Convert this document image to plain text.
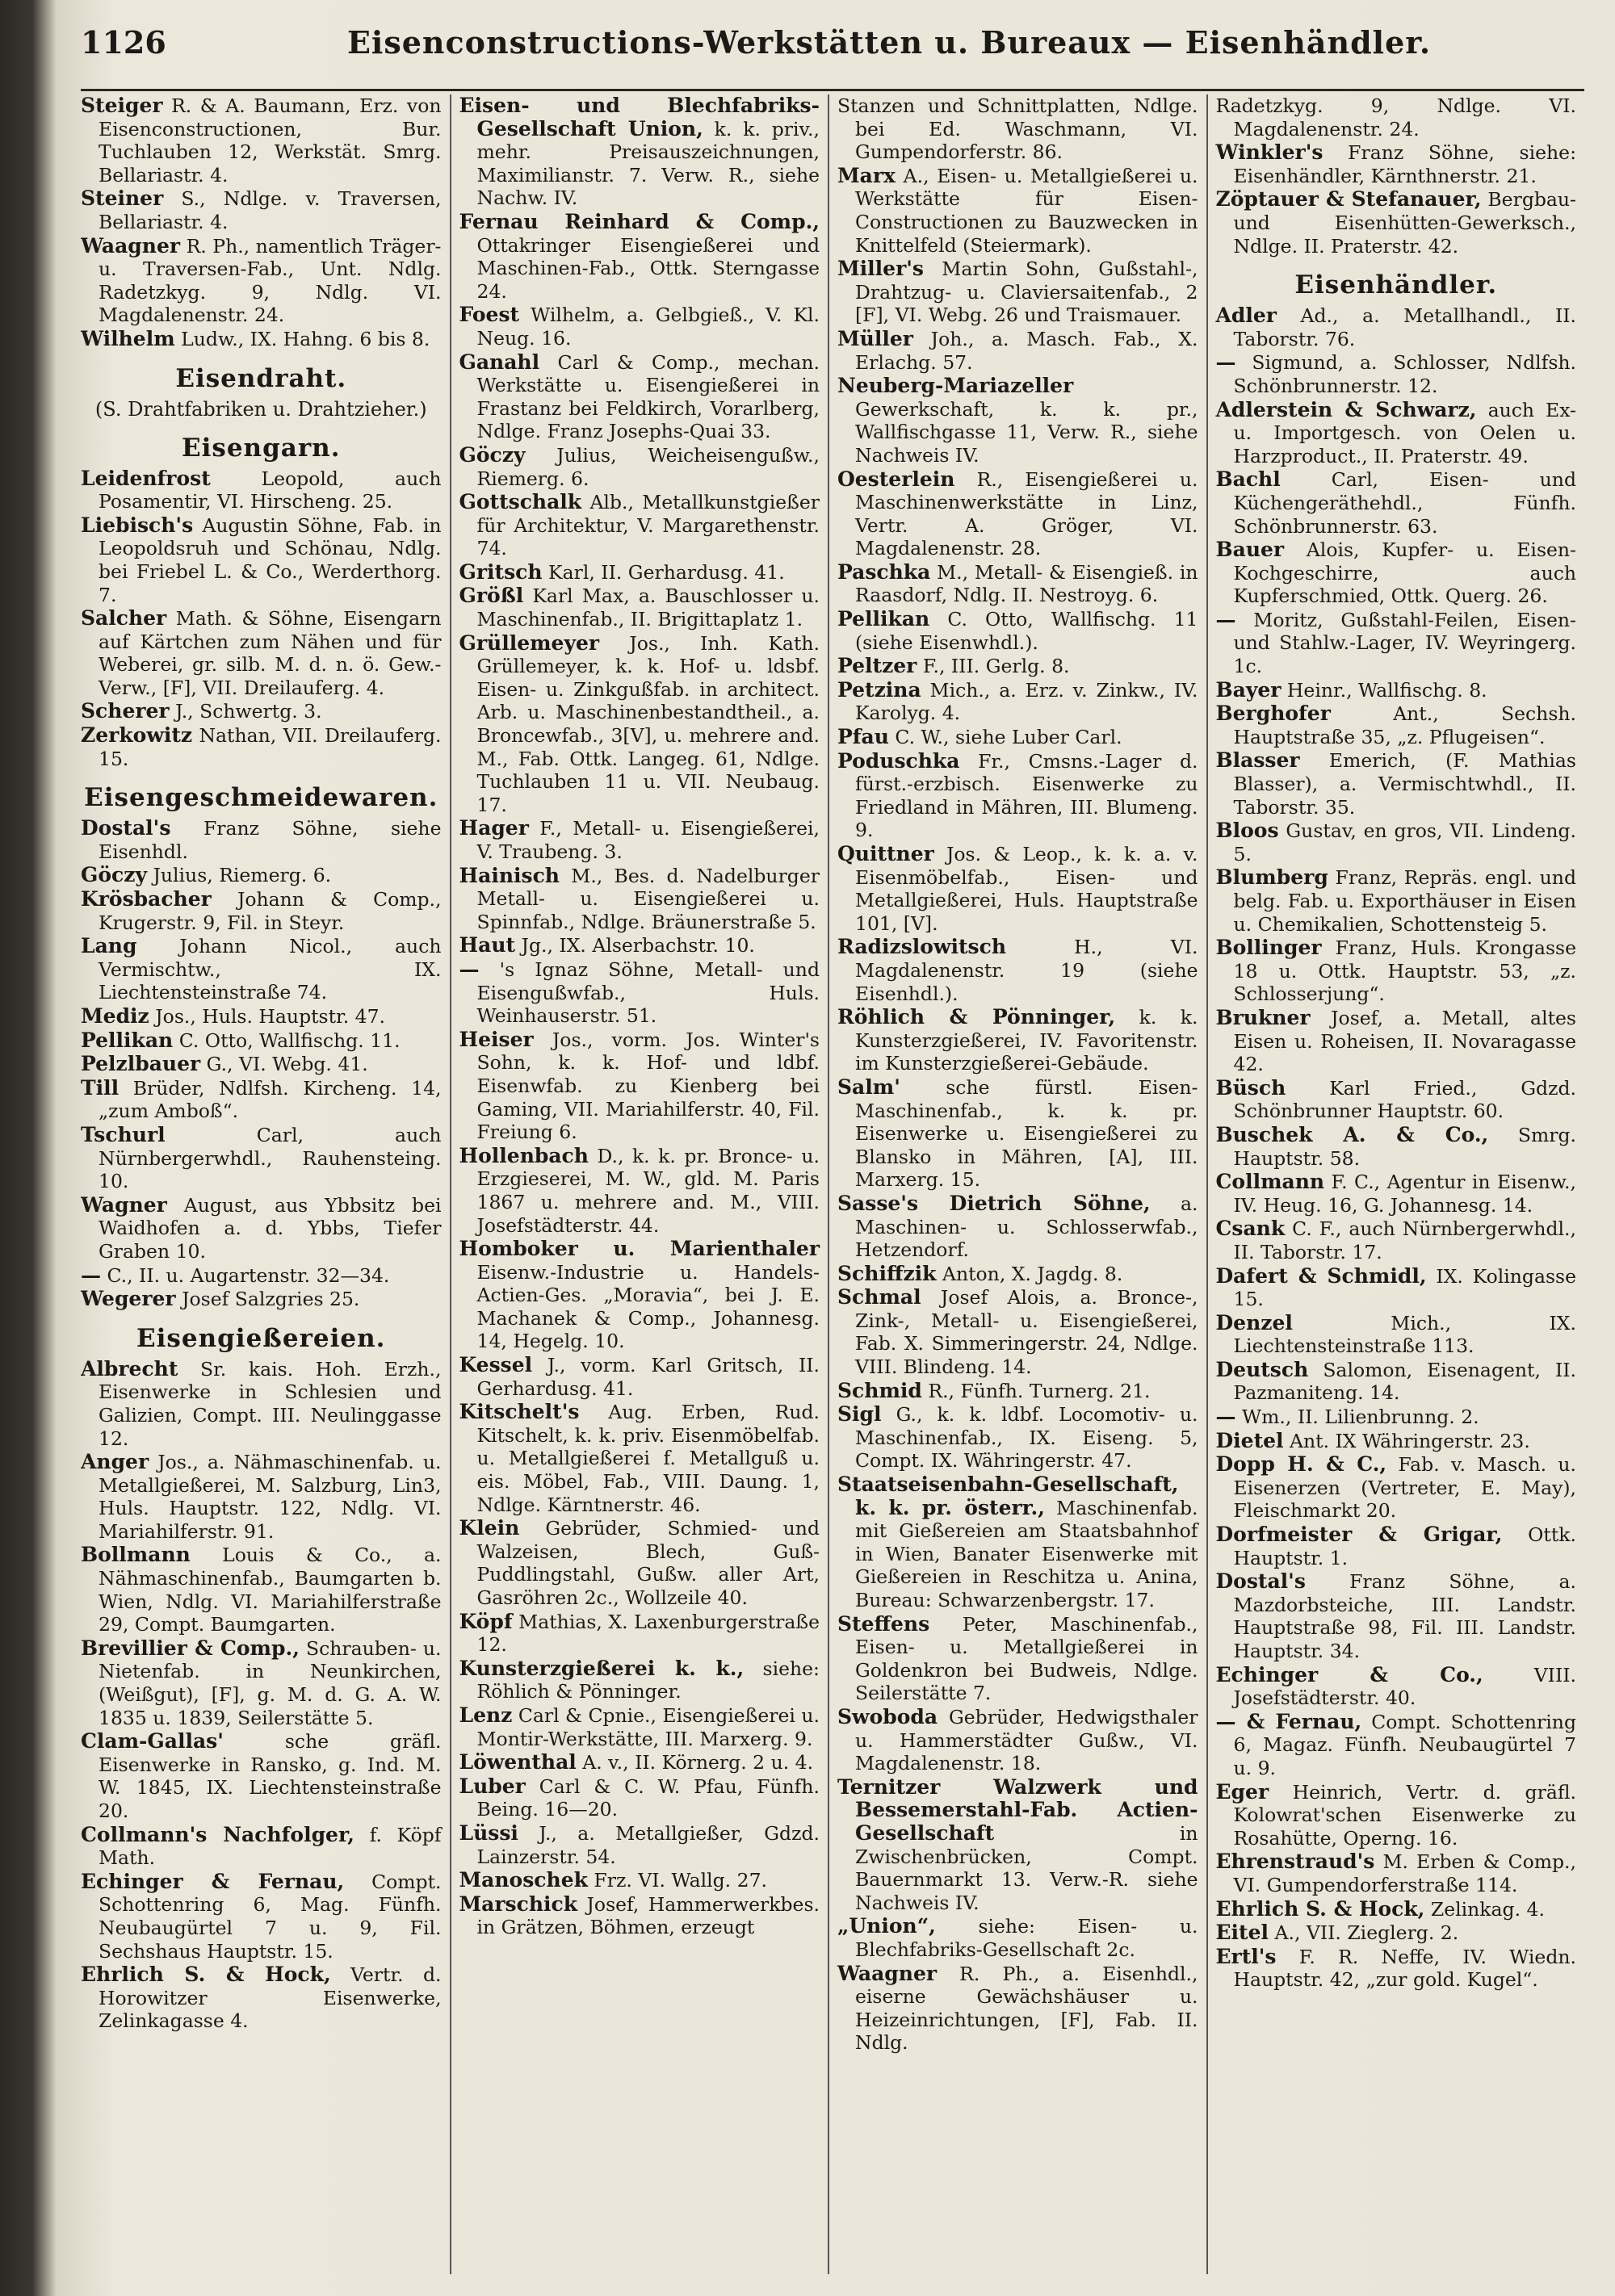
1126	Eisenconstructions-Werkstätten u. Bureaux — Eisenhändler.
Steiger R. & A. Baumann, Erz. von Eisenconstructionen, Bur. Tuchlauben 12, Werkstät. Smrg. Bellariastr. 4.
Steiner S., Ndlge. v. Traversen, Bellariastr. 4.
Waagner R. Ph., namentlich Träger- u. Traversen-Fab., Unt. Ndlg. Radetzkyg. 9, Ndlg. VI. Magdalenenstr. 24.
Wilhelm Ludw., IX. Hahng. 6 bis 8.
Eisendraht.
(S. Drahtfabriken u. Drahtzieher.)
Eisengarn.
Leidenfrost	Leopold, auch Posamentir, VI. Hirscheng. 25.
Liebisch's Augustin Söhne, Fab. in Leopoldsruh und Schönau, Ndlg. bei Friebel L. & Co., Werderthorg. 7.
Salcher Math. & Söhne, Eisengarn auf Kärtchen zum Nähen und für Weberei, gr. silb. M. d. n. ö. Gew.-Verw., [F], VII. Dreilauferg. 4.
Scherer J., Schwertg. 3.
Zerkowitz Nathan, VII. Dreilauferg. 15.
Eisengeschmeidewaren.
Dostal's Franz Söhne, siehe Eisenhdl.
Göczy Julius, Riemerg. 6.
Krösbacher Johann & Comp., Krugerstr. 9, Fil. in Steyr.
Lang Johann Nicol., auch Vermischtw., IX. Liechtensteinstraße 74.
Mediz Jos., Huls. Hauptstr. 47.
Pellikan C. Otto, Wallfischg. 11.
Pelzlbauer G., VI. Webg. 41.
Till Brüder, Ndlfsh. Kircheng. 14, „zum Amboß“.
Tschurl	Carl, auch Nürnbergerwhdl., Rauhensteing. 10.
Wagner August, aus Ybbsitz bei Waidhofen a. d. Ybbs, Tiefer Graben 10.
— C., II. u. Augartenstr. 32—34.
Wegerer Josef Salzgries 25.
Eisengießereien.
Albrecht Sr. kais. Hoh. Erzh., Eisenwerke in Schlesien und Galizien, Compt. III. Neulinggasse 12.
Anger Jos., a. Nähmaschinenfab. u. Metallgießerei, M. Salzburg, Lin3, Huls. Hauptstr. 122, Ndlg. VI. Mariahilferstr. 91.
Bollmann Louis & Co., a. Nähmaschinenfab., Baumgarten b. Wien, Ndlg. VI. Mariahilferstraße 29, Compt. Baumgarten.
Brevillier & Comp., Schrauben- u. Nietenfab. in Neunkirchen, (Weißgut), [F], g. M. d. G. A. W. 1835 u. 1839, Seilerstätte 5.
Clam-Gallas'	sche gräfl. Eisenwerke in Ransko, g. Ind. M. W. 1845, IX. Liechtensteinstraße 20.
Collmann's Nachfolger, f. Köpf Math.
Echinger & Fernau, Compt. Schottenring 6, Mag. Fünfh. Neubaugürtel 7 u. 9, Fil. Sechshaus Hauptstr. 15.
Ehrlich S. & Hock, Vertr. d. Horowitzer Eisenwerke, Zelinkagasse 4.
Eisen- und Blechfabriks-Gesellschaft Union, k. k. priv., mehr. Preisauszeichnungen, Maximilianstr. 7. Verw. R., siehe Nachw. IV.
Fernau Reinhard & Comp., Ottakringer Eisengießerei und Maschinen-Fab., Ottk. Sterngasse 24.
Foest Wilhelm, a. Gelbgieß., V. Kl. Neug. 16.
Ganahl Carl & Comp., mechan. Werkstätte u. Eisengießerei in Frastanz bei Feldkirch, Vorarlberg, Ndlge. Franz Josephs-Quai 33.
Göczy Julius, Weicheisengußw., Riemerg. 6.
Gottschalk Alb., Metallkunstgießer für Architektur, V. Margarethenstr. 74.
Gritsch Karl, II. Gerhardusg. 41.
Größl Karl Max, a. Bauschlosser u. Maschinenfab., II. Brigittaplatz 1.
Grüllemeyer Jos., Inh. Kath. Grüllemeyer, k. k. Hof- u. ldsbf. Eisen- u. Zinkgußfab. in architect. Arb. u. Maschinenbestandtheil., a. Broncewfab., 3[V], u. mehrere and. M., Fab. Ottk. Langeg. 61, Ndlge. Tuchlauben 11 u. VII. Neubaug. 17.
Hager F., Metall- u. Eisengießerei, V. Traubeng. 3.
Hainisch M., Bes. d. Nadelburger Metall- u. Eisengießerei u. Spinnfab., Ndlge. Bräunerstraße 5.
Haut Jg., IX. Alserbachstr. 10.
— 's Ignaz Söhne, Metall- und Eisengußwfab., Huls. Weinhauserstr. 51.
Heiser Jos., vorm. Jos. Winter's Sohn, k. k. Hof- und ldbf. Eisenwfab. zu Kienberg bei Gaming, VII. Mariahilferstr. 40, Fil. Freiung 6.
Hollenbach D., k. k. pr. Bronce- u. Erzgieserei, M. W., gld. M. Paris 1867 u. mehrere and. M., VIII. Josefstädterstr. 44.
Homboker u. Marienthaler Eisenw.-Industrie u. Handels-Actien-Ges. „Moravia“, bei J. E. Machanek & Comp., Johannesg. 14, Hegelg. 10.
Kessel J., vorm. Karl Gritsch, II. Gerhardusg. 41.
Kitschelt's Aug. Erben, Rud. Kitschelt, k. k. priv. Eisenmöbelfab. u. Metallgießerei f. Metallguß u. eis. Möbel, Fab., VIII. Daung. 1, Ndlge. Kärntnerstr. 46.
Klein Gebrüder, Schmied- und Walzeisen, Blech, Guß-Puddlingstahl, Gußw. aller Art, Gasröhren 2c., Wollzeile 40.
Köpf Mathias, X. Laxenburgerstraße 12.
Kunsterzgießerei k. k., siehe: Röhlich & Pönninger.
Lenz Carl & Cpnie., Eisengießerei u. Montir-Werkstätte, III. Marxerg. 9.
Löwenthal A. v., II. Körnerg. 2 u. 4.
Luber Carl & C. W. Pfau, Fünfh. Being. 16—20.
Lüssi J., a. Metallgießer, Gdzd. Lainzerstr. 54.
Manoschek Frz. VI. Wallg. 27.
Marschick Josef, Hammerwerkbes. in Grätzen, Böhmen, erzeugt
Stanzen und Schnittplatten, Ndlge. bei Ed. Waschmann, VI. Gumpendorferstr. 86.
Marx A., Eisen- u. Metallgießerei u. Werkstätte für Eisen-Constructionen zu Bauzwecken in Knittelfeld (Steiermark).
Miller's Martin Sohn, Gußstahl-, Drahtzug- u. Claviersaitenfab., 2 [F], VI. Webg. 26 und Traismauer.
Müller Joh., a. Masch. Fab., X. Erlachg. 57.
Neuberg-Mariazeller Gewerkschaft, k. k. pr., Wallfischgasse 11, Verw. R., siehe Nachweis IV.
Oesterlein R., Eisengießerei u. Maschinenwerkstätte in Linz, Vertr. A. Gröger, VI. Magdalenenstr. 28.
Paschka M., Metall- & Eisengieß. in Raasdorf, Ndlg. II. Nestroyg. 6.
Pellikan C. Otto, Wallfischg. 11 (siehe Eisenwhdl.).
Peltzer F., III. Gerlg. 8.
Petzina Mich., a. Erz. v. Zinkw., IV. Karolyg. 4.
Pfau C. W., siehe Luber Carl.
Poduschka Fr., Cmsns.-Lager d. fürst.-erzbisch. Eisenwerke zu Friedland in Mähren, III. Blumeng. 9.
Quittner Jos. & Leop., k. k. a. v. Eisenmöbelfab., Eisen- und Metallgießerei, Huls. Hauptstraße 101, [V].
Radizslowitsch	H., VI. Magdalenenstr. 19 (siehe Eisenhdl.).
Röhlich & Pönninger, k. k. Kunsterzgießerei, IV. Favoritenstr. im Kunsterzgießerei-Gebäude.
Salm' sche fürstl. Eisen-Maschinenfab., k. k. pr. Eisenwerke u. Eisengießerei zu Blansko in Mähren, [A], III. Marxerg. 15.
Sasse's Dietrich Söhne, a. Maschinen- u. Schlosserwfab., Hetzendorf.
Schiffzik Anton, X. Jagdg. 8.
Schmal Josef Alois, a. Bronce-, Zink-, Metall- u. Eisengießerei, Fab. X. Simmeringerstr. 24, Ndlge. VIII. Blindeng. 14.
Schmid R., Fünfh. Turnerg. 21.
Sigl G., k. k. ldbf. Locomotiv- u. Maschinenfab., IX. Eiseng. 5, Compt. IX. Währingerstr. 47.
Staatseisenbahn-Gesellschaft, k. k. pr. österr., Maschinenfab. mit Gießereien am Staatsbahnhof in Wien, Banater Eisenwerke mit Gießereien in Reschitza u. Anina, Bureau: Schwarzenbergstr. 17.
Steffens Peter, Maschinenfab., Eisen- u. Metallgießerei in Goldenkron bei Budweis, Ndlge. Seilerstätte 7.
Swoboda Gebrüder, Hedwigsthaler u. Hammerstädter Gußw., VI. Magdalenenstr. 18.
Ternitzer Walzwerk und Bessemerstahl-Fab. Actien-Gesellschaft	in Zwischenbrücken, Compt. Bauernmarkt 13. Verw.-R. siehe Nachweis IV.
„Union“, siehe: Eisen- u. Blechfabriks-Gesellschaft 2c.
Waagner R. Ph., a. Eisenhdl., eiserne Gewächshäuser u. Heizeinrichtungen, [F], Fab. II. Ndlg.
Radetzkyg. 9, Ndlge. VI. Magdalenenstr. 24.
Winkler's Franz Söhne, siehe: Eisenhändler, Kärnthnerstr. 21.
Zöptauer & Stefanauer, Bergbau- und Eisenhütten-Gewerksch., Ndlge. II. Praterstr. 42.
Eisenhändler.
Adler Ad., a. Metallhandl., II. Taborstr. 76.
— Sigmund, a. Schlosser, Ndlfsh. Schönbrunnerstr. 12.
Adlerstein & Schwarz, auch Ex- u. Importgesch. von Oelen u. Harzproduct., II. Praterstr. 49.
Bachl	Carl, Eisen- und Küchengeräthehdl., Fünfh. Schönbrunnerstr. 63.
Bauer Alois, Kupfer- u. Eisen-Kochgeschirre, auch Kupferschmied, Ottk. Querg. 26.
— Moritz, Gußstahl-Feilen, Eisen- und Stahlw.-Lager, IV. Weyringerg. 1c.
Bayer Heinr., Wallfischg. 8.
Berghofer	Ant., Sechsh. Hauptstraße 35, „z. Pflugeisen“.
Blasser Emerich, (F. Mathias Blasser), a. Vermischtwhdl., II. Taborstr. 35.
Bloos Gustav, en gros, VII. Lindeng. 5.
Blumberg Franz, Repräs. engl. und belg. Fab. u. Exporthäuser in Eisen u. Chemikalien, Schottensteig 5.
Bollinger Franz, Huls. Krongasse 18 u. Ottk. Hauptstr. 53, „z. Schlosserjung“.
Brukner Josef, a. Metall, altes Eisen u. Roheisen, II. Novaragasse 42.
Büsch Karl Fried., Gdzd. Schönbrunner Hauptstr. 60.
Buschek A. & Co., Smrg. Hauptstr. 58.
Collmann F. C., Agentur in Eisenw., IV. Heug. 16, G. Johannesg. 14.
Csank C. F., auch Nürnbergerwhdl., II. Taborstr. 17.
Dafert & Schmidl, IX. Kolingasse 15.
Denzel	Mich., IX. Liechtensteinstraße 113.
Deutsch Salomon, Eisenagent, II. Pazmaniteng. 14.
— Wm., II. Lilienbrunng. 2.
Dietel Ant. IX Währingerstr. 23.
Dopp H. & C., Fab. v. Masch. u. Eisenerzen (Vertreter, E. May), Fleischmarkt 20.
Dorfmeister & Grigar, Ottk. Hauptstr. 1.
Dostal's Franz Söhne, a. Mazdorbsteiche, III. Landstr. Hauptstraße 98, Fil. III. Landstr. Hauptstr. 34.
Echinger & Co.,	VIII. Josefstädterstr. 40.
— & Fernau, Compt. Schottenring 6, Magaz. Fünfh. Neubaugürtel 7 u. 9.
Eger Heinrich, Vertr. d. gräfl. Kolowrat'schen Eisenwerke zu Rosahütte, Operng. 16.
Ehrenstraud's M. Erben & Comp., VI. Gumpendorferstraße 114.
Ehrlich S. & Hock, Zelinkag. 4.
Eitel A., VII. Zieglerg. 2.
Ertl's F. R. Neffe, IV. Wiedn. Hauptstr. 42, „zur gold. Kugel“.
